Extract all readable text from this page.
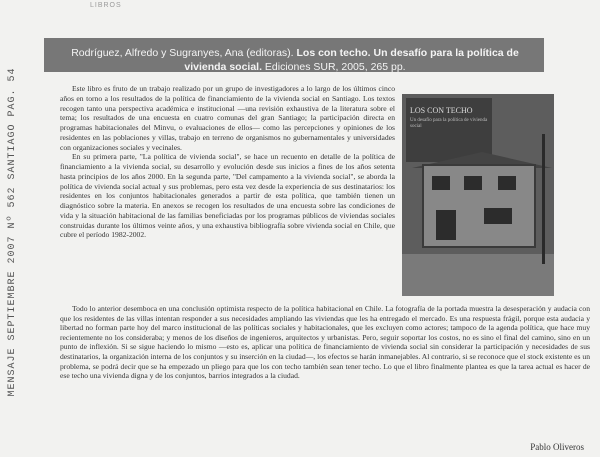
LIBROS
MENSAJE SEPTIEMBRE 2007 Nº 562 SANTIAGO PAG. 54
Rodríguez, Alfredo y Sugranyes, Ana (editoras). Los con techo. Un desafío para la política de vivienda social. Ediciones SUR, 2005, 265 pp.

Este libro es fruto de un trabajo realizado por un grupo de investigadores a lo largo de los últimos cinco años en torno a los resultados de la política de financiamiento de la vivienda social en Santiago. Los textos recogen tanto una perspectiva académica e institucional —una revisión exhaustiva de la literatura sobre el tema; los resultados de una encuesta en cuatro comunas del gran Santiago; la participación directa en programas habitacionales del Minvu, o evaluaciones de ellos— como las percepciones y opiniones de los residentes en las poblaciones y villas, trabajo en terreno de organismos no gubernamentales y universidades con organizaciones sociales y vecinales.

En su primera parte, "La política de vivienda social", se hace un recuento en detalle de la política de financiamiento a la vivienda social, su desarrollo y evolución desde sus inicios a fines de los años setenta hasta principios de los años 2000. En la segunda parte, "Del campamento a la vivienda social", se aborda la política de vivienda social actual y sus problemas, pero esta vez desde la experiencia de sus destinatarios: los residentes en los conjuntos habitacionales generados a partir de esta política, que también tienen un diagnóstico sobre la materia. En anexos se recogen los resultados de una encuesta sobre las condiciones de vida y la situación habitacional de las familias beneficiadas por los programas públicos de viviendas sociales construidas durante los últimos veinte años, y una exhaustiva bibliografía sobre vivienda social en Chile, que cubre el período 1982-2002.

LOS CON TECHO
Un desafío para la política de vivienda social

Todo lo anterior desemboca en una conclusión optimista respecto de la política habitacional en Chile. La fotografía de la portada muestra la desesperación y audacia con que los residentes de las villas intentan responder a sus necesidades ampliando las viviendas que les ha entregado el mercado. Es una respuesta frágil, porque esta audacia y libertad no forman parte hoy del marco institucional de las políticas sociales y habitacionales, que les excluyen como actores; tampoco de la agenda política, que hace muy recientemente no los consideraba; y menos de los diseños de ingenieros, arquitectos y urbanistas. Pero, seguir soportar los costos, no es sino el final del camino, sino en un punto de inflexión. Si se sigue haciendo lo mismo —esto es, aplicar una política de financiamiento de vivienda social sin considerar la participación y necesidades de sus destinatarios, la organización interna de los conjuntos y su inserción en la ciudad—, los efectos se harán inmanejables. Al contrario, si se reconoce que el stock existente es un problema, se podrá decir que se ha empezado un pliego para que los con techo también sean tener techo. Lo que el libro finalmente plantea es que la tarea actual es hacer de ese techo una vivienda digna y de los conjuntos, barrios integrados a la ciudad.

Pablo Oliveros
